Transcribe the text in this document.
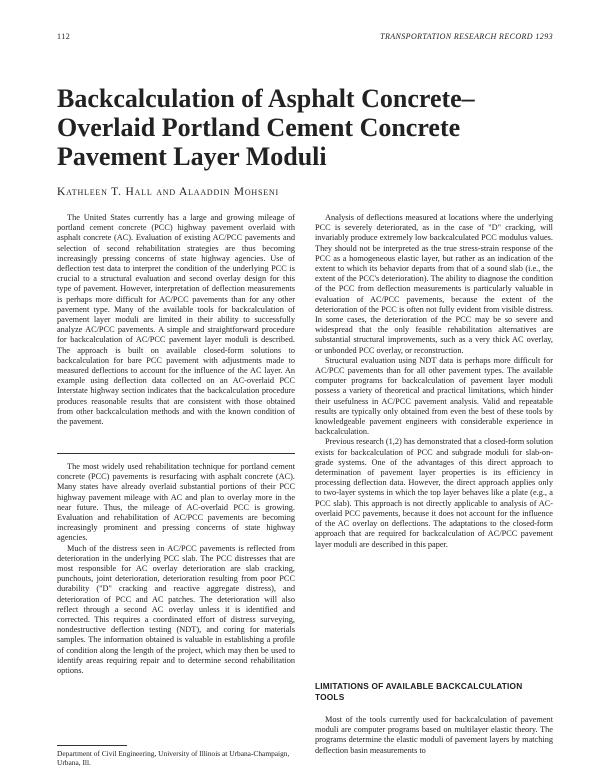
112	TRANSPORTATION RESEARCH RECORD 1293
Backcalculation of Asphalt Concrete–
Overlaid Portland Cement Concrete
Pavement Layer Moduli
Kathleen T. Hall and Alaaddin Mohseni

The United States currently has a large and growing mileage of portland cement concrete (PCC) highway pavement overlaid with asphalt concrete (AC). Evaluation of existing AC/PCC pavements and selection of second rehabilitation strategies are thus becoming increasingly pressing concerns of state highway agencies. Use of deflection test data to interpret the condition of the underlying PCC is crucial to a structural evaluation and second overlay design for this type of pavement. However, interpretation of deflection measurements is perhaps more difficult for AC/PCC pavements than for any other pavement type. Many of the available tools for backcalculation of pavement layer moduli are limited in their ability to successfully analyze AC/PCC pavements. A simple and straightforward procedure for backcalculation of AC/PCC pavement layer moduli is described. The approach is built on available closed-form solutions to backcalculation for bare PCC pavement with adjustments made to measured deflections to account for the influence of the AC layer. An example using deflection data collected on an AC-overlaid PCC Interstate highway section indicates that the backcalculation procedure produces reasonable results that are consistent with those obtained from other backcalculation methods and with the known condition of the pavement.

The most widely used rehabilitation technique for portland cement concrete (PCC) pavements is resurfacing with asphalt concrete (AC). Many states have already overlaid substantial portions of their PCC highway pavement mileage with AC and plan to overlay more in the near future. Thus, the mileage of AC-overlaid PCC is growing. Evaluation and rehabilitation of AC/PCC pavements are becoming increasingly prominent and pressing concerns of state highway agencies.

Much of the distress seen in AC/PCC pavements is reflected from deterioration in the underlying PCC slab. The PCC distresses that are most responsible for AC overlay deterioration are slab cracking, punchouts, joint deterioration, deterioration resulting from poor PCC durability ("D" cracking and reactive aggregate distress), and deterioration of PCC and AC patches. The deterioration will also reflect through a second AC overlay unless it is identified and corrected. This requires a coordinated effort of distress surveying, nondestructive deflection testing (NDT), and coring for materials samples. The information obtained is valuable in establishing a profile of condition along the length of the project, which may then be used to identify areas requiring repair and to determine second rehabilitation options.

Department of Civil Engineering, University of Illinois at Urbana-Champaign, Urbana, Ill.

Analysis of deflections measured at locations where the underlying PCC is severely deteriorated, as in the case of "D" cracking, will invariably produce extremely low backcalculated PCC modulus values. They should not be interpreted as the true stress-strain response of the PCC as a homogeneous elastic layer, but rather as an indication of the extent to which its behavior departs from that of a sound slab (i.e., the extent of the PCC's deterioration). The ability to diagnose the condition of the PCC from deflection measurements is particularly valuable in evaluation of AC/PCC pavements, because the extent of the deterioration of the PCC is often not fully evident from visible distress. In some cases, the deterioration of the PCC may be so severe and widespread that the only feasible rehabilitation alternatives are substantial structural improvements, such as a very thick AC overlay, or unbonded PCC overlay, or reconstruction.

Structural evaluation using NDT data is perhaps more difficult for AC/PCC pavements than for all other pavement types. The available computer programs for backcalculation of pavement layer moduli possess a variety of theoretical and practical limitations, which hinder their usefulness in AC/PCC pavement analysis. Valid and repeatable results are typically only obtained from even the best of these tools by knowledgeable pavement engineers with considerable experience in backcalculation.

Previous research (1,2) has demonstrated that a closed-form solution exists for backcalculation of PCC and subgrade moduli for slab-on-grade systems. One of the advantages of this direct approach to determination of pavement layer properties is its efficiency in processing deflection data. However, the direct approach applies only to two-layer systems in which the top layer behaves like a plate (e.g., a PCC slab). This approach is not directly applicable to analysis of AC-overlaid PCC pavements, because it does not account for the influence of the AC overlay on deflections. The adaptations to the closed-form approach that are required for backcalculation of AC/PCC pavement layer moduli are described in this paper.

LIMITATIONS OF AVAILABLE BACKCALCULATION TOOLS

Most of the tools currently used for backcalculation of pavement moduli are computer programs based on multilayer elastic theory. The programs determine the elastic moduli of pavement layers by matching deflection basin measurements to
